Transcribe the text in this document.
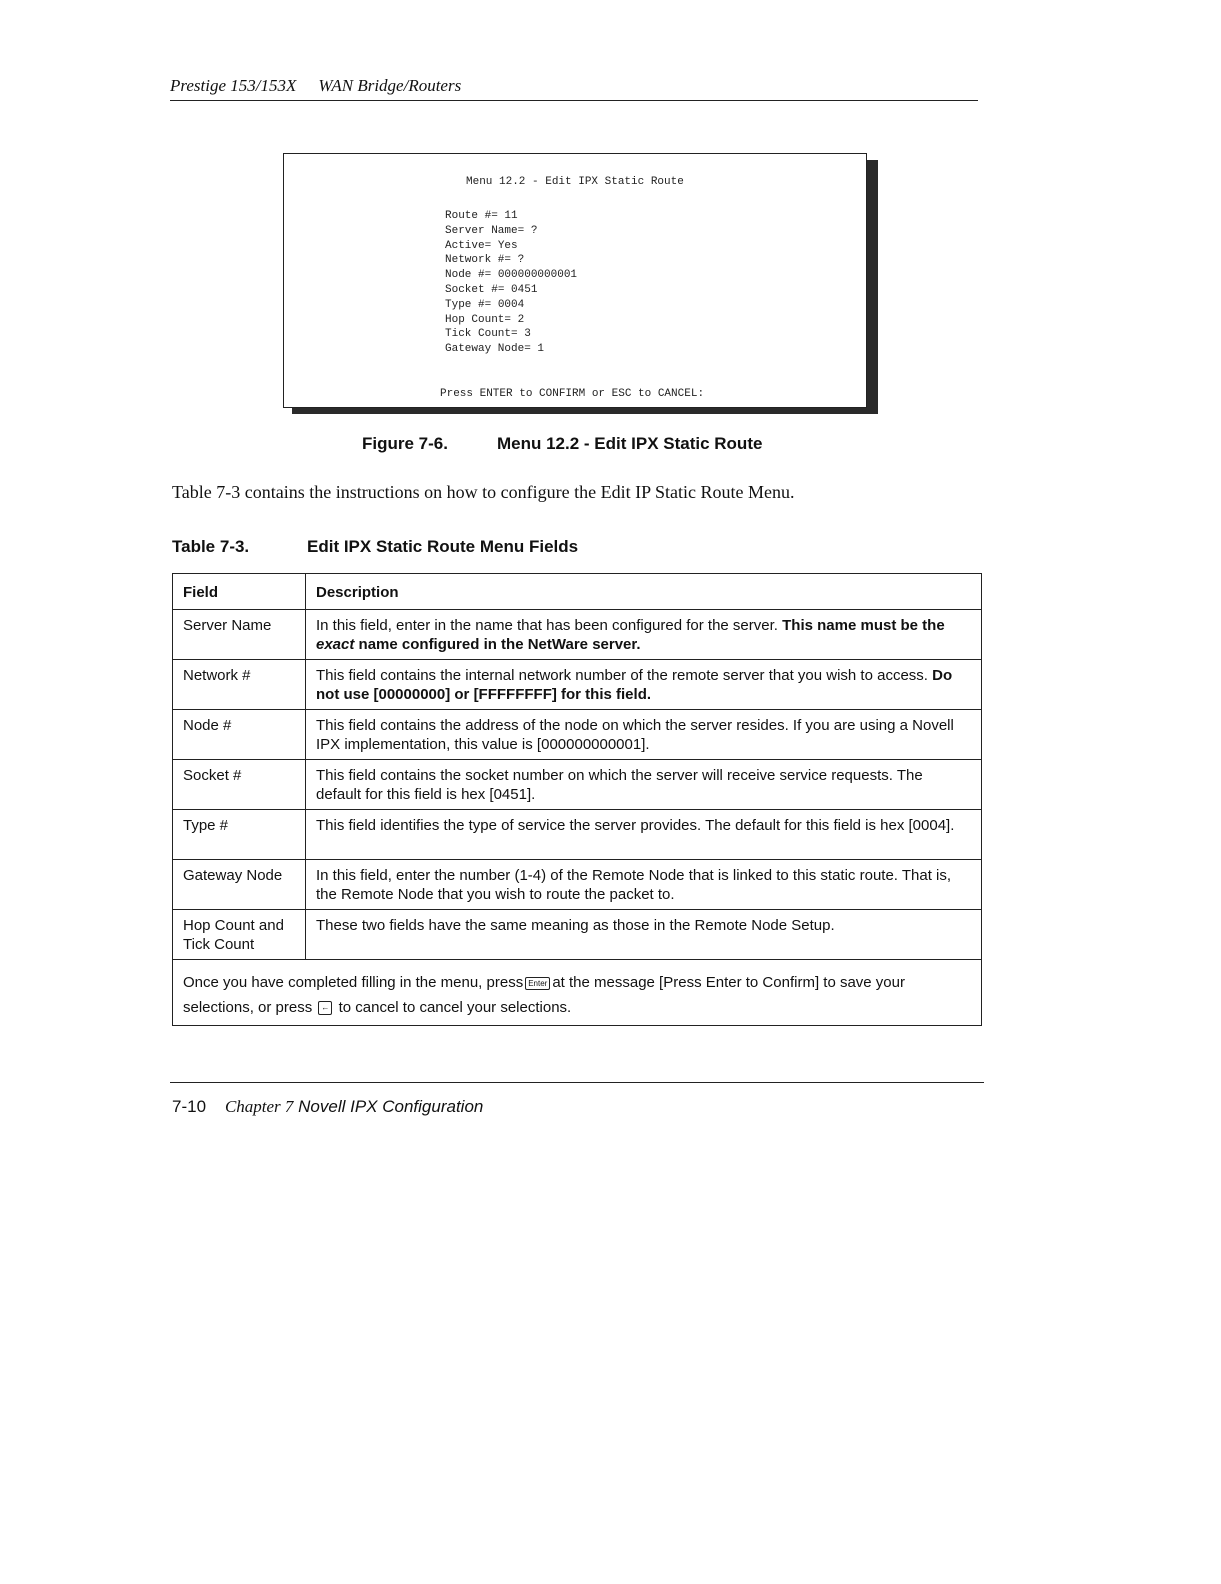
Prestige 153/153X WAN Bridge/Routers
Menu 12.2 - Edit IPX Static Route
Route #= 11
Server Name= ?
Active= Yes
Network #= ?
Node #= 000000000001
Socket #= 0451
Type #= 0004
Hop Count= 2
Tick Count= 3
Gateway Node= 1
Press ENTER to CONFIRM or ESC to CANCEL:
Figure 7-6.	Menu 12.2 - Edit IPX Static Route
Table 7-3 contains the instructions on how to configure the Edit IP Static Route Menu.
Table 7-3.	Edit IPX Static Route Menu Fields
Field	Description
Server Name	In this field, enter in the name that has been configured for the server. This name must be the exact name configured in the NetWare server.
Network #	This field contains the internal network number of the remote server that you wish to access. Do not use [00000000] or [FFFFFFFF] for this field.
Node #	This field contains the address of the node on which the server resides. If you are using a Novell IPX implementation, this value is [000000000001].
Socket #	This field contains the socket number on which the server will receive service requests. The default for this field is hex [0451].
Type #	This field identifies the type of service the server provides. The default for this field is hex [0004].
Gateway Node	In this field, enter the number (1-4) of the Remote Node that is linked to this static route. That is, the Remote Node that you wish to route the packet to.
Hop Count and
Tick Count	These two fields have the same meaning as those in the Remote Node Setup.
Once you have completed filling in the menu, press Enter at the message [Press Enter to Confirm] to save your selections, or press ← to cancel to cancel your selections.	
7-10 Chapter 7 Novell IPX Configuration
